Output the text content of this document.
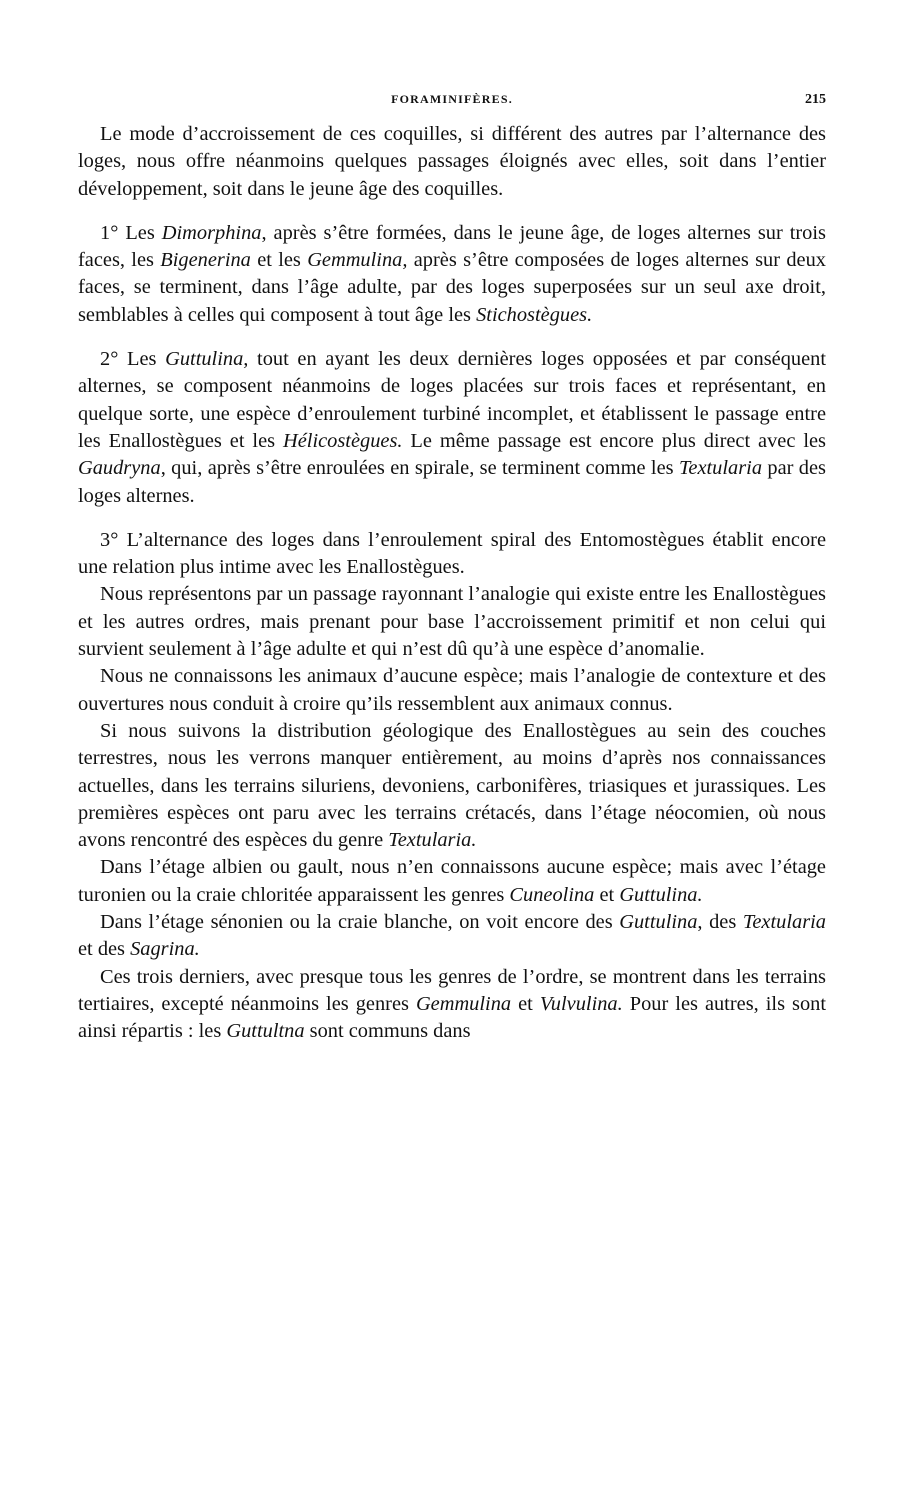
FORAMINIFÈRES.	215

Le mode d’accroissement de ces coquilles, si différent des autres par l’alternance des loges, nous offre néanmoins quelques passages éloignés avec elles, soit dans l’entier développement, soit dans le jeune âge des coquilles.

1° Les Dimorphina, après s’être formées, dans le jeune âge, de loges alternes sur trois faces, les Bigenerina et les Gemmulina, après s’être composées de loges alternes sur deux faces, se terminent, dans l’âge adulte, par des loges superposées sur un seul axe droit, semblables à celles qui composent à tout âge les Stichostègues.

2° Les Guttulina, tout en ayant les deux dernières loges opposées et par conséquent alternes, se composent néanmoins de loges placées sur trois faces et représentant, en quelque sorte, une espèce d’enroulement turbiné incomplet, et établissent le passage entre les Enallostègues et les Hélicostègues. Le même passage est encore plus direct avec les Gaudryna, qui, après s’être enroulées en spirale, se terminent comme les Textularia par des loges alternes.

3° L’alternance des loges dans l’enroulement spiral des Entomostègues établit encore une relation plus intime avec les Enallostègues.

Nous représentons par un passage rayonnant l’analogie qui existe entre les Enallostègues et les autres ordres, mais prenant pour base l’accroissement primitif et non celui qui survient seulement à l’âge adulte et qui n’est dû qu’à une espèce d’anomalie.

Nous ne connaissons les animaux d’aucune espèce; mais l’analogie de contexture et des ouvertures nous conduit à croire qu’ils ressemblent aux animaux connus.

Si nous suivons la distribution géologique des Enallostègues au sein des couches terrestres, nous les verrons manquer entièrement, au moins d’après nos connaissances actuelles, dans les terrains siluriens, devoniens, carbonifères, triasiques et jurassiques. Les premières espèces ont paru avec les terrains crétacés, dans l’étage néocomien, où nous avons rencontré des espèces du genre Textularia.

Dans l’étage albien ou gault, nous n’en connaissons aucune espèce; mais avec l’étage turonien ou la craie chloritée apparaissent les genres Cuneolina et Guttulina.

Dans l’étage sénonien ou la craie blanche, on voit encore des Guttulina, des Textularia et des Sagrina.

Ces trois derniers, avec presque tous les genres de l’ordre, se montrent dans les terrains tertiaires, excepté néanmoins les genres Gemmulina et Vulvulina. Pour les autres, ils sont ainsi répartis : les Guttultna sont communs dans
